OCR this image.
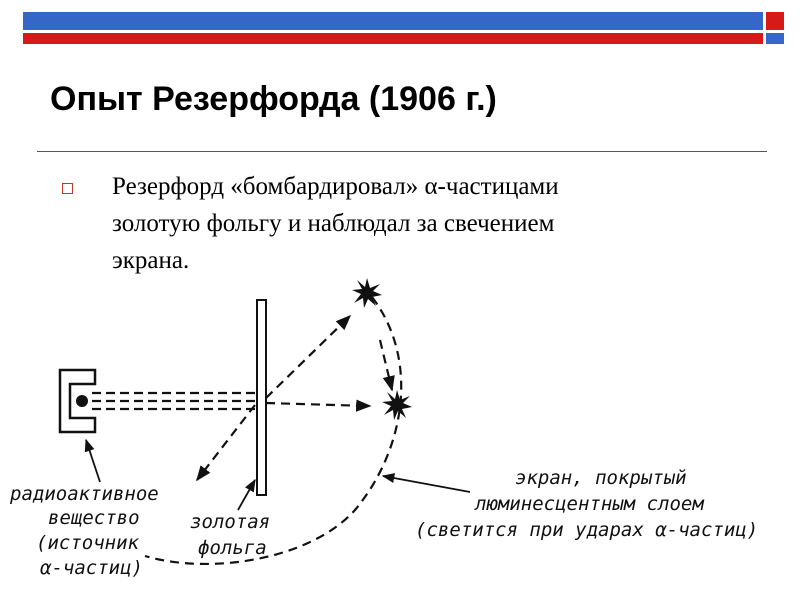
Опыт Резерфорда (1906 г.)
Резерфорд «бомбардировал» α-частицами
золотую фольгу и наблюдал за свечением
экрана.
радиоактивное
вещество
(источник
α-частиц)
золотая
фольга
экран, покрытый
люминесцентным слоем
(светится при ударах α-частиц)
